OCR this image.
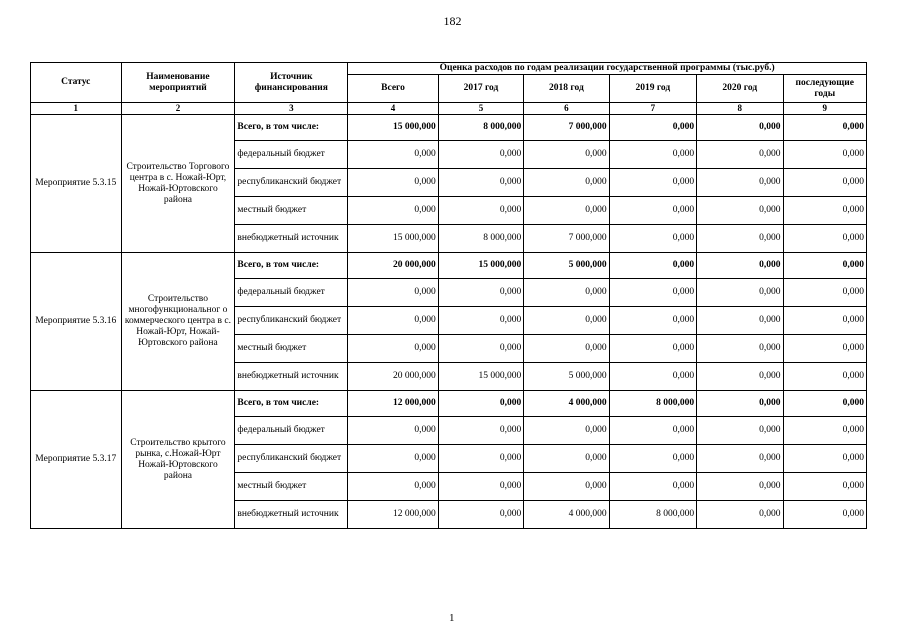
182
Статус	Наименование мероприятий	Источник финансирования	Оценка расходов по годам реализации государственной программы (тыс.руб.)					
			Всего	2017 год	2018 год	2019 год	2020 год	последующие годы
1	2	3	4	5	6	7	8	9
Мероприятие 5.3.15	Строительство Торгового центра в с. Ножай-Юрт, Ножай-Юртовского района	Всего, в том числе:	15 000,000	8 000,000	7 000,000	0,000	0,000	0,000
		федеральный бюджет	0,000	0,000	0,000	0,000	0,000	0,000
		республиканский бюджет	0,000	0,000	0,000	0,000	0,000	0,000
		местный бюджет	0,000	0,000	0,000	0,000	0,000	0,000
		внебюджетный источник	15 000,000	8 000,000	7 000,000	0,000	0,000	0,000
Мероприятие 5.3.16	Строительство многофункциональног о коммерческого центра в с. Ножай-Юрт, Ножай-Юртовского района	Всего, в том числе:	20 000,000	15 000,000	5 000,000	0,000	0,000	0,000
		федеральный бюджет	0,000	0,000	0,000	0,000	0,000	0,000
		республиканский бюджет	0,000	0,000	0,000	0,000	0,000	0,000
		местный бюджет	0,000	0,000	0,000	0,000	0,000	0,000
		внебюджетный источник	20 000,000	15 000,000	5 000,000	0,000	0,000	0,000
Мероприятие 5.3.17	Строительство крытого рынка, с.Ножай-Юрт Ножай-Юртовского района	Всего, в том числе:	12 000,000	0,000	4 000,000	8 000,000	0,000	0,000
		федеральный бюджет	0,000	0,000	0,000	0,000	0,000	0,000
		республиканский бюджет	0,000	0,000	0,000	0,000	0,000	0,000
		местный бюджет	0,000	0,000	0,000	0,000	0,000	0,000
		внебюджетный источник	12 000,000	0,000	4 000,000	8 000,000	0,000	0,000
1
